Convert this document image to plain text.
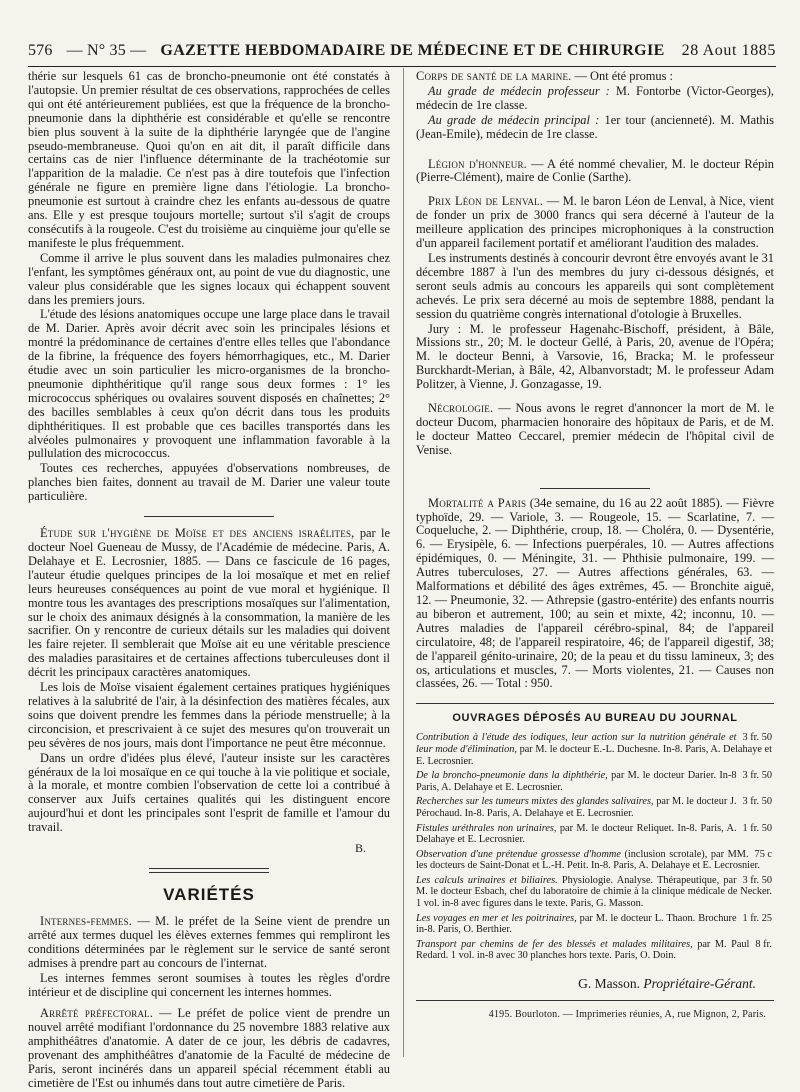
576 — N° 35 — GAZETTE HEBDOMADAIRE DE MÉDECINE ET DE CHIRURGIE 28 Aout 1885

thérie sur lesquels 61 cas de broncho-pneumonie ont été constatés à l'autopsie. Un premier résultat de ces observations, rapprochées de celles qui ont été antérieurement publiées, est que la fréquence de la broncho-pneumonie dans la diphthérie est considérable et qu'elle se rencontre bien plus souvent à la suite de la diphthérie laryngée que de l'angine pseudo-membraneuse. Quoi qu'on en ait dit, il paraît difficile dans certains cas de nier l'influence déterminante de la trachéotomie sur l'apparition de la maladie. Ce n'est pas à dire toutefois que l'infection générale ne figure en première ligne dans l'étiologie. La broncho-pneumonie est surtout à craindre chez les enfants au-dessous de quatre ans. Elle y est presque toujours mortelle; surtout s'il s'agit de croups consécutifs à la rougeole. C'est du troisième au cinquième jour qu'elle se manifeste le plus fréquemment.

Comme il arrive le plus souvent dans les maladies pulmonaires chez l'enfant, les symptômes généraux ont, au point de vue du diagnostic, une valeur plus considérable que les signes locaux qui échappent souvent dans les premiers jours.

L'étude des lésions anatomiques occupe une large place dans le travail de M. Darier. Après avoir décrit avec soin les principales lésions et montré la prédominance de certaines d'entre elles telles que l'abondance de la fibrine, la fréquence des foyers hémorrhagiques, etc., M. Darier étudie avec un soin particulier les micro-organismes de la broncho-pneumonie diphthéritique qu'il range sous deux formes : 1° les micrococcus sphériques ou ovalaires souvent disposés en chaînettes; 2° des bacilles semblables à ceux qu'on décrit dans tous les produits diphthéritiques. Il est probable que ces bacilles transportés dans les alvéoles pulmonaires y provoquent une inflammation favorable à la pullulation des micrococcus.

Toutes ces recherches, appuyées d'observations nombreuses, de planches bien faites, donnent au travail de M. Darier une valeur toute particulière.

Étude sur l'hygiène de Moïse et des anciens israélites, par le docteur Noel Gueneau de Mussy, de l'Académie de médecine. Paris, A. Delahaye et E. Lecrosnier, 1885. — Dans ce fascicule de 16 pages, l'auteur étudie quelques principes de la loi mosaïque et met en relief leurs heureuses conséquences au point de vue moral et hygiénique. Il montre tous les avantages des prescriptions mosaïques sur l'alimentation, sur le choix des animaux désignés à la consommation, la manière de les sacrifier. On y rencontre de curieux détails sur les maladies qui doivent les faire rejeter. Il semblerait que Moïse ait eu une véritable prescience des maladies parasitaires et de certaines affections tuberculeuses dont il décrit les principaux caractères anatomiques.

Les lois de Moïse visaient également certaines pratiques hygiéniques relatives à la salubrité de l'air, à la désinfection des matières fécales, aux soins que doivent prendre les femmes dans la période menstruelle; à la circoncision, et prescrivaient à ce sujet des mesures qu'on trouverait un peu sévères de nos jours, mais dont l'importance ne peut être méconnue.

Dans un ordre d'idées plus élevé, l'auteur insiste sur les caractères généraux de la loi mosaïque en ce qui touche à la vie politique et sociale, à la morale, et montre combien l'observation de cette loi a contribué à conserver aux Juifs certaines qualités qui les distinguent encore aujourd'hui et dont les principales sont l'esprit de famille et l'amour du travail.

B.
VARIÉTÉS

Internes-femmes. — M. le préfet de la Seine vient de prendre un arrêté aux termes duquel les élèves externes femmes qui rempliront les conditions déterminées par le règlement sur le service de santé seront admises à prendre part au concours de l'internat.

Les internes femmes seront soumises à toutes les règles d'ordre intérieur et de discipline qui concernent les internes hommes.

Arrêté préfectoral. — Le préfet de police vient de prendre un nouvel arrêté modifiant l'ordonnance du 25 novembre 1883 relative aux amphithéâtres d'anatomie. A dater de ce jour, les débris de cadavres, provenant des amphithéâtres d'anatomie de la Faculté de médecine de Paris, seront incinérés dans un appareil spécial récemment établi au cimetière de l'Est ou inhumés dans tout autre cimetière de Paris.

Corps de santé de la marine. — Ont été promus :

Au grade de médecin professeur : M. Fontorbe (Victor-Georges), médecin de 1re classe.

Au grade de médecin principal : 1er tour (ancienneté). M. Mathis (Jean-Emile), médecin de 1re classe.

Légion d'honneur. — A été nommé chevalier, M. le docteur Répin (Pierre-Clément), maire de Conlie (Sarthe).

Prix Léon de Lenval. — M. le baron Léon de Lenval, à Nice, vient de fonder un prix de 3000 francs qui sera décerné à l'auteur de la meilleure application des principes microphoniques à la construction d'un appareil facilement portatif et améliorant l'audition des malades.

Les instruments destinés à concourir devront être envoyés avant le 31 décembre 1887 à l'un des membres du jury ci-dessous désignés, et seront seuls admis au concours les appareils qui sont complètement achevés. Le prix sera décerné au mois de septembre 1888, pendant la session du quatrième congrès international d'otologie à Bruxelles.

Jury : M. le professeur Hagenahc-Bischoff, président, à Bâle, Missions str., 20; M. le docteur Gellé, à Paris, 20, avenue de l'Opéra; M. le docteur Benni, à Varsovie, 16, Bracka; M. le professeur Burckhardt-Merian, à Bâle, 42, Albanvorstadt; M. le professeur Adam Politzer, à Vienne, J. Gonzagasse, 19.

Nécrologie. — Nous avons le regret d'annoncer la mort de M. le docteur Ducom, pharmacien honoraire des hôpitaux de Paris, et de M. le docteur Matteo Ceccarel, premier médecin de l'hôpital civil de Venise.

Mortalité a Paris (34e semaine, du 16 au 22 août 1885). — Fièvre typhoïde, 29. — Variole, 3. — Rougeole, 15. — Scarlatine, 7. — Coqueluche, 2. — Diphthérie, croup, 18. — Choléra, 0. — Dysentérie, 6. — Erysipèle, 6. — Infections puerpérales, 10. — Autres affections épidémiques, 0. — Méningite, 31. — Phthisie pulmonaire, 199. — Autres tuberculoses, 27. — Autres affections générales, 63. — Malformations et débilité des âges extrêmes, 45. — Bronchite aiguë, 12. — Pneumonie, 32. — Athrepsie (gastro-entérite) des enfants nourris au biberon et autrement, 100; au sein et mixte, 42; inconnu, 10. — Autres maladies de l'appareil cérébro-spinal, 84; de l'appareil circulatoire, 48; de l'appareil respiratoire, 46; de l'appareil digestif, 38; de l'appareil génito-urinaire, 20; de la peau et du tissu lamineux, 3; des os, articulations et muscles, 7. — Morts violentes, 21. — Causes non classées, 26. — Total : 950.

OUVRAGES DÉPOSÉS AU BUREAU DU JOURNAL

3 fr. 50
Contribution à l'étude des iodiques, leur action sur la nutrition générale et leur mode d'élimination, par M. le docteur E.-L. Duchesne. In-8. Paris, A. Delahaye et E. Lecrosnier.

3 fr. 50
De la broncho-pneumonie dans la diphthérie, par M. le docteur Darier. In-8 Paris, A. Delahaye et E. Lecrosnier.

3 fr. 50
Recherches sur les tumeurs mixtes des glandes salivaires, par M. le docteur J. Pérochaud. In-8. Paris, A. Delahaye et E. Lecrosnier.

1 fr. 50
Fistules uréthrales non urinaires, par M. le docteur Reliquet. In-8. Paris, A. Delahaye et E. Lecrosnier.

75 c
Observation d'une prétendue grossesse d'homme (inclusion scrotale), par MM. les docteurs de Saint-Donat et L.-H. Petit. In-8. Paris, A. Delahaye et E. Lecrosnier.

3 fr. 50
Les calculs urinaires et biliaires. Physiologie. Analyse. Thérapeutique, par M. le docteur Esbach, chef du laboratoire de chimie à la clinique médicale de Necker. 1 vol. in-8 avec figures dans le texte. Paris, G. Masson.

1 fr. 25
Les voyages en mer et les poitrinaires, par M. le docteur L. Thaon. Brochure in-8. Paris, O. Berthier.

8 fr.
Transport par chemins de fer des blessés et malades militaires, par M. Paul Redard. 1 vol. in-8 avec 30 planches hors texte. Paris, O. Doin.

G. Masson. Propriétaire-Gérant.
4195. Bourloton. — Imprimeries réunies, A, rue Mignon, 2, Paris.
